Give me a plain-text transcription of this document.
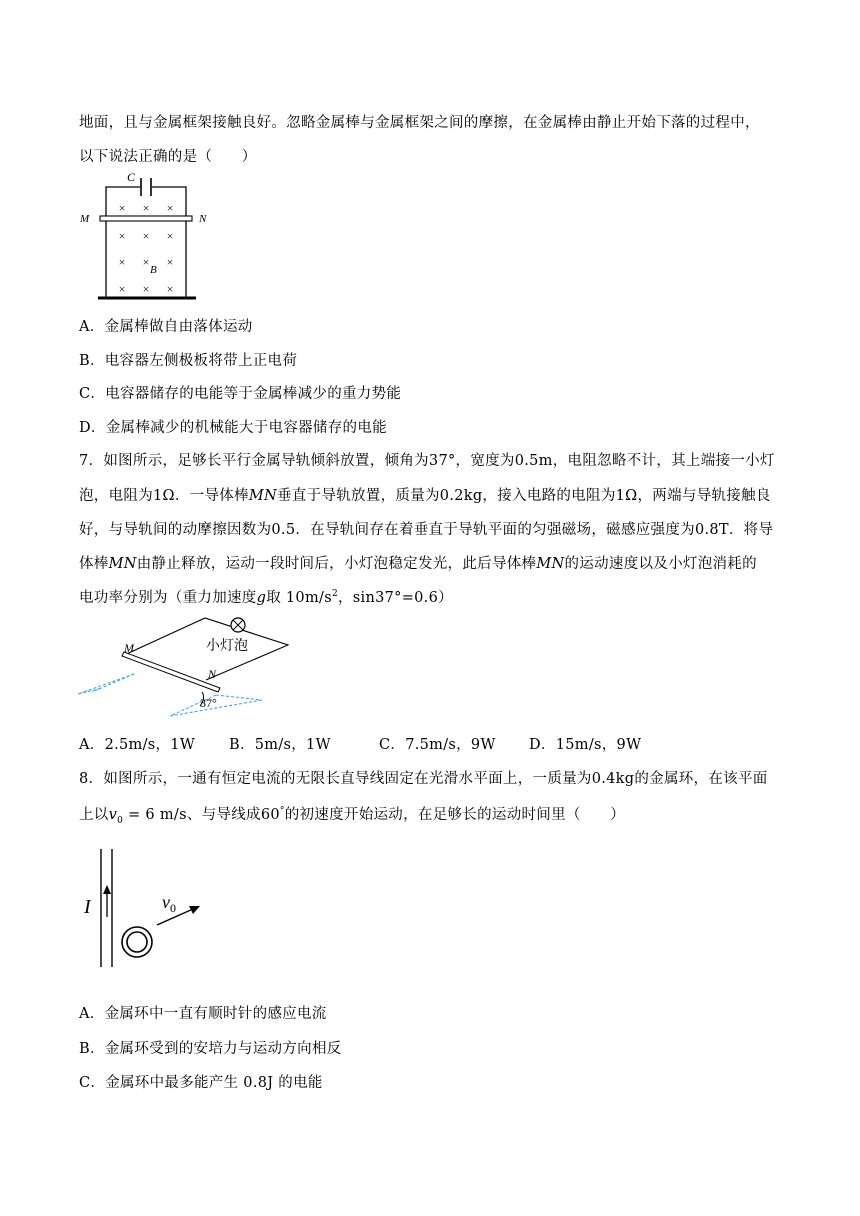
地面，且与金属框架接触良好。忽略金属棒与金属框架之间的摩擦，在金属棒由静止开始下落的过程中，
以下说法正确的是（　　）
C
M	N
× × ×
× × ×
× × ×
× × ×
B
A．金属棒做自由落体运动
B．电容器左侧极板将带上正电荷
C．电容器储存的电能等于金属棒减少的重力势能
D．金属棒减少的机械能大于电容器储存的电能
7．如图所示，足够长平行金属导轨倾斜放置，倾角为37°，宽度为0.5m，电阻忽略不计，其上端接一小灯
泡，电阻为1Ω．一导体棒MN垂直于导轨放置，质量为0.2kg，接入电路的电阻为1Ω，两端与导轨接触良
好，与导轨间的动摩擦因数为0.5．在导轨间存在着垂直于导轨平面的匀强磁场，磁感应强度为0.8T．将导
体棒MN由静止释放，运动一段时间后，小灯泡稳定发光，此后导体棒MN的运动速度以及小灯泡消耗的
电功率分别为（重力加速度g取 $10m/s^2$，sin37°=0.6）
M
N
37°
小灯泡
A．2.5m/s，1W B．5m/s，1W	C．7.5m/s，9W D．15m/s，9W
8．如图所示，一通有恒定电流的无限长直导线固定在光滑水平面上，一质量为0.4kg的金属环，在该平面
上以$v_0 = 6$ m/s、与导线成60°的初速度开始运动，在足够长的运动时间里（　　）
I	$v_0$
A．金属环中一直有顺时针的感应电流
B．金属环受到的安培力与运动方向相反
C．金属环中最多能产生 0.8J 的电能
